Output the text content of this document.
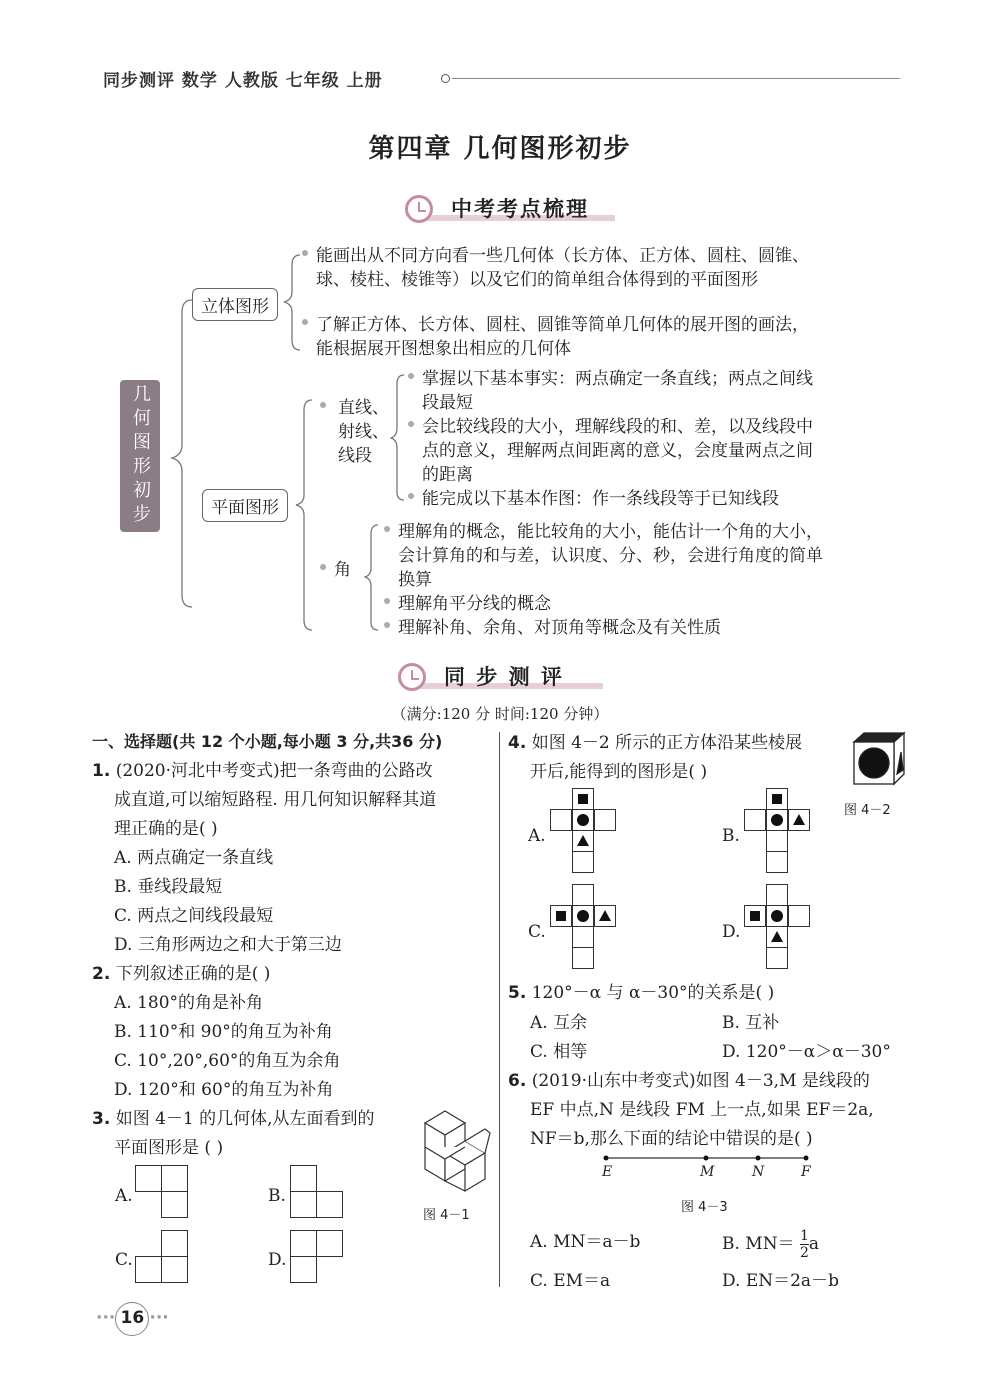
同步测评 数学 人教版 七年级 上册
第四章 几何图形初步
中考考点梳理
几何图形初步
立体图形
平面图形
能画出从不同方向看一些几何体（长方体、正方体、圆柱、圆锥、
球、棱柱、棱锥等）以及它们的简单组合体得到的平面图形
了解正方体、长方体、圆柱、圆锥等简单几何体的展开图的画法，
能根据展开图想象出相应的几何体
直线、
射线、
线段
掌握以下基本事实：两点确定一条直线；两点之间线
段最短
会比较线段的大小，理解线段的和、差，以及线段中
点的意义，理解两点间距离的意义，会度量两点之间
的距离
能完成以下基本作图：作一条线段等于已知线段
角
理解角的概念，能比较角的大小，能估计一个角的大小，
会计算角的和与差，认识度、分、秒，会进行角度的简单
换算
理解角平分线的概念
理解补角、余角、对顶角等概念及有关性质
同 步 测 评
（满分:120 分 时间:120 分钟）
一、选择题(共 12 个小题,每小题 3 分,共36 分)
1. (2020·河北中考变式)把一条弯曲的公路改
成直道,可以缩短路程. 用几何知识解释其道
理正确的是( )
A. 两点确定一条直线
B. 垂线段最短
C. 两点之间线段最短
D. 三角形两边之和大于第三边
2. 下列叙述正确的是( )
A. 180°的角是补角
B. 110°和 90°的角互为补角
C. 10°,20°,60°的角互为余角
D. 120°和 60°的角互为补角
3. 如图 4－1 的几何体,从左面看到的
平面图形是 ( )
图 4－1
A.	B.
C.	D.
4. 如图 4－2 所示的正方体沿某些棱展
开后,能得到的图形是( )
图 4－2
A.	B.
C.	D.
5. 120°－α 与 α－30°的关系是( )
A. 互余	B. 互补
C. 相等	D. 120°－α＞α－30°
6. (2019·山东中考变式)如图 4－3,M 是线段的
EF 中点,N 是线段 FM 上一点,如果 EF＝2a,
NF＝b,那么下面的结论中错误的是( )
E	M	N	F
图 4－3
A. MN＝a－b	B. $MN= \frac{1}{2}$ a
C. EM＝a	D. EN＝2a－b
··· 16 ···
